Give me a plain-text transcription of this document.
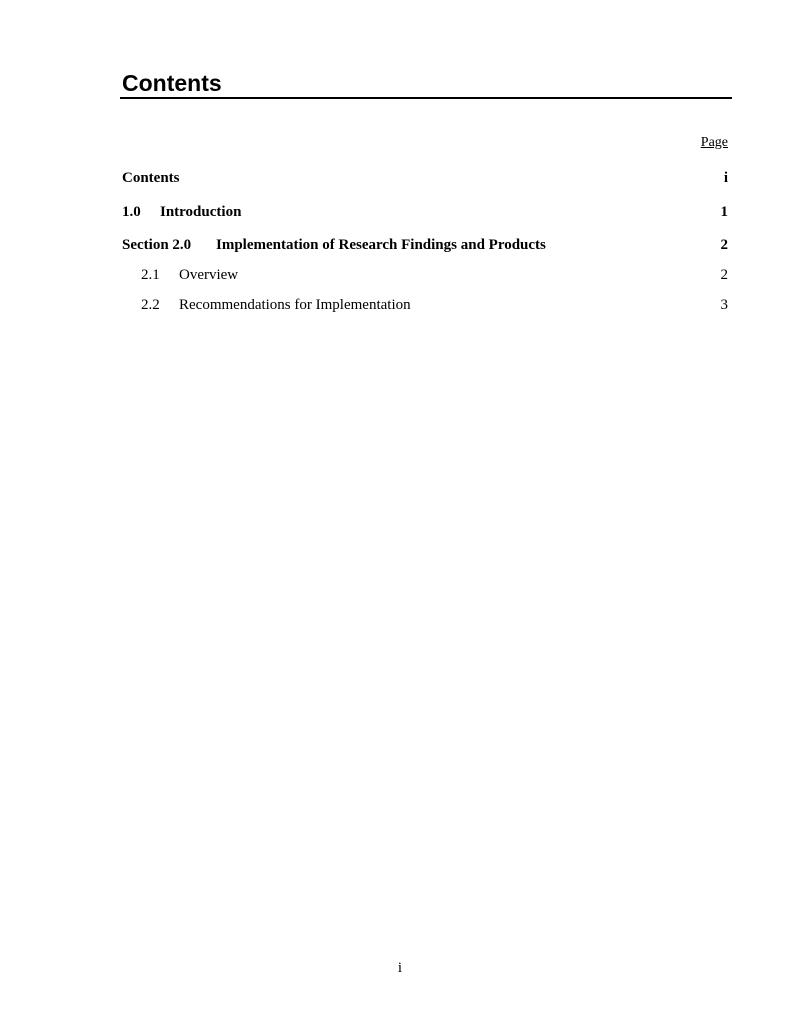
Contents
Page
Contents	i
1.0 Introduction	1
Section 2.0 Implementation of Research Findings and Products	2
2.1 Overview	2
2.2 Recommendations for Implementation	3
i
